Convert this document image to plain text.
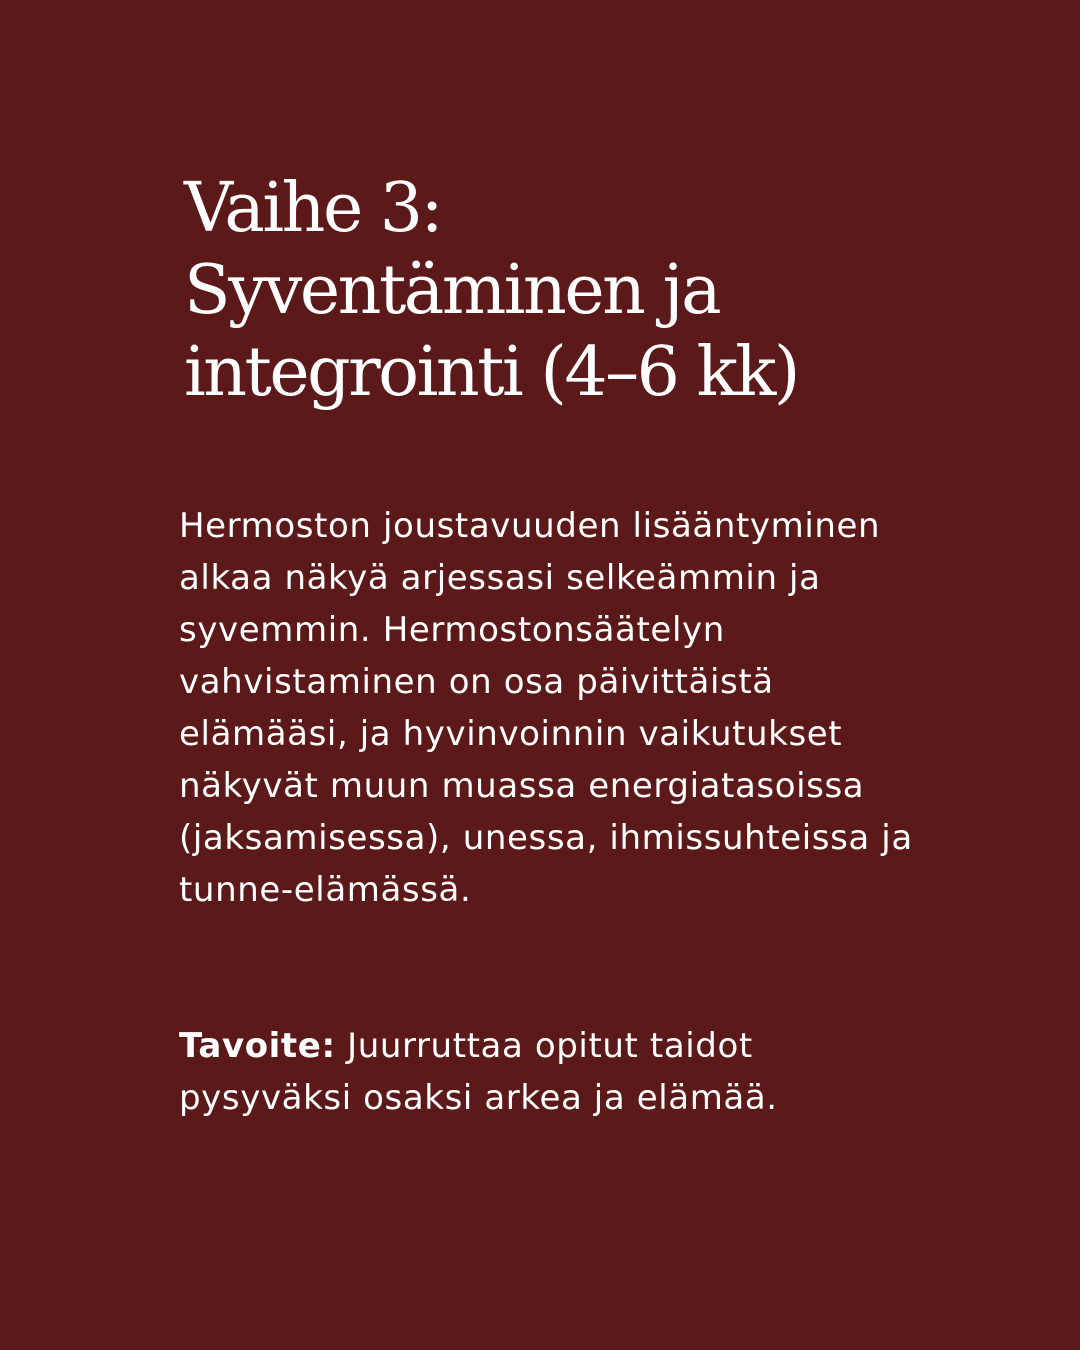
Vaihe 3:
Syventäminen ja
integrointi (4–6 kk)

Hermoston joustavuuden lisääntyminen
alkaa näkyä arjessasi selkeämmin ja
syvemmin. Hermostonsäätelyn
vahvistaminen on osa päivittäistä
elämääsi, ja hyvinvoinnin vaikutukset
näkyvät muun muassa energiatasoissa
(jaksamisessa), unessa, ihmissuhteissa ja
tunne-elämässä.

Tavoite: Juurruttaa opitut taidot
pysyväksi osaksi arkea ja elämää.
